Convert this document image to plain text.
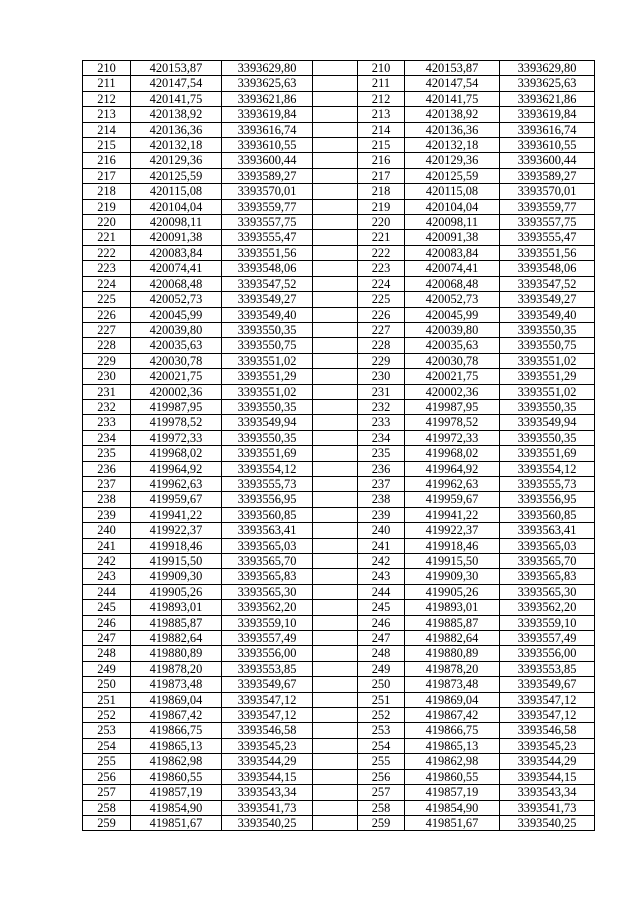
210	420153,87	3393629,80		210	420153,87	3393629,80
211	420147,54	3393625,63		211	420147,54	3393625,63
212	420141,75	3393621,86		212	420141,75	3393621,86
213	420138,92	3393619,84		213	420138,92	3393619,84
214	420136,36	3393616,74		214	420136,36	3393616,74
215	420132,18	3393610,55		215	420132,18	3393610,55
216	420129,36	3393600,44		216	420129,36	3393600,44
217	420125,59	3393589,27		217	420125,59	3393589,27
218	420115,08	3393570,01		218	420115,08	3393570,01
219	420104,04	3393559,77		219	420104,04	3393559,77
220	420098,11	3393557,75		220	420098,11	3393557,75
221	420091,38	3393555,47		221	420091,38	3393555,47
222	420083,84	3393551,56		222	420083,84	3393551,56
223	420074,41	3393548,06		223	420074,41	3393548,06
224	420068,48	3393547,52		224	420068,48	3393547,52
225	420052,73	3393549,27		225	420052,73	3393549,27
226	420045,99	3393549,40		226	420045,99	3393549,40
227	420039,80	3393550,35		227	420039,80	3393550,35
228	420035,63	3393550,75		228	420035,63	3393550,75
229	420030,78	3393551,02		229	420030,78	3393551,02
230	420021,75	3393551,29		230	420021,75	3393551,29
231	420002,36	3393551,02		231	420002,36	3393551,02
232	419987,95	3393550,35		232	419987,95	3393550,35
233	419978,52	3393549,94		233	419978,52	3393549,94
234	419972,33	3393550,35		234	419972,33	3393550,35
235	419968,02	3393551,69		235	419968,02	3393551,69
236	419964,92	3393554,12		236	419964,92	3393554,12
237	419962,63	3393555,73		237	419962,63	3393555,73
238	419959,67	3393556,95		238	419959,67	3393556,95
239	419941,22	3393560,85		239	419941,22	3393560,85
240	419922,37	3393563,41		240	419922,37	3393563,41
241	419918,46	3393565,03		241	419918,46	3393565,03
242	419915,50	3393565,70		242	419915,50	3393565,70
243	419909,30	3393565,83		243	419909,30	3393565,83
244	419905,26	3393565,30		244	419905,26	3393565,30
245	419893,01	3393562,20		245	419893,01	3393562,20
246	419885,87	3393559,10		246	419885,87	3393559,10
247	419882,64	3393557,49		247	419882,64	3393557,49
248	419880,89	3393556,00		248	419880,89	3393556,00
249	419878,20	3393553,85		249	419878,20	3393553,85
250	419873,48	3393549,67		250	419873,48	3393549,67
251	419869,04	3393547,12		251	419869,04	3393547,12
252	419867,42	3393547,12		252	419867,42	3393547,12
253	419866,75	3393546,58		253	419866,75	3393546,58
254	419865,13	3393545,23		254	419865,13	3393545,23
255	419862,98	3393544,29		255	419862,98	3393544,29
256	419860,55	3393544,15		256	419860,55	3393544,15
257	419857,19	3393543,34		257	419857,19	3393543,34
258	419854,90	3393541,73		258	419854,90	3393541,73
259	419851,67	3393540,25		259	419851,67	3393540,25
